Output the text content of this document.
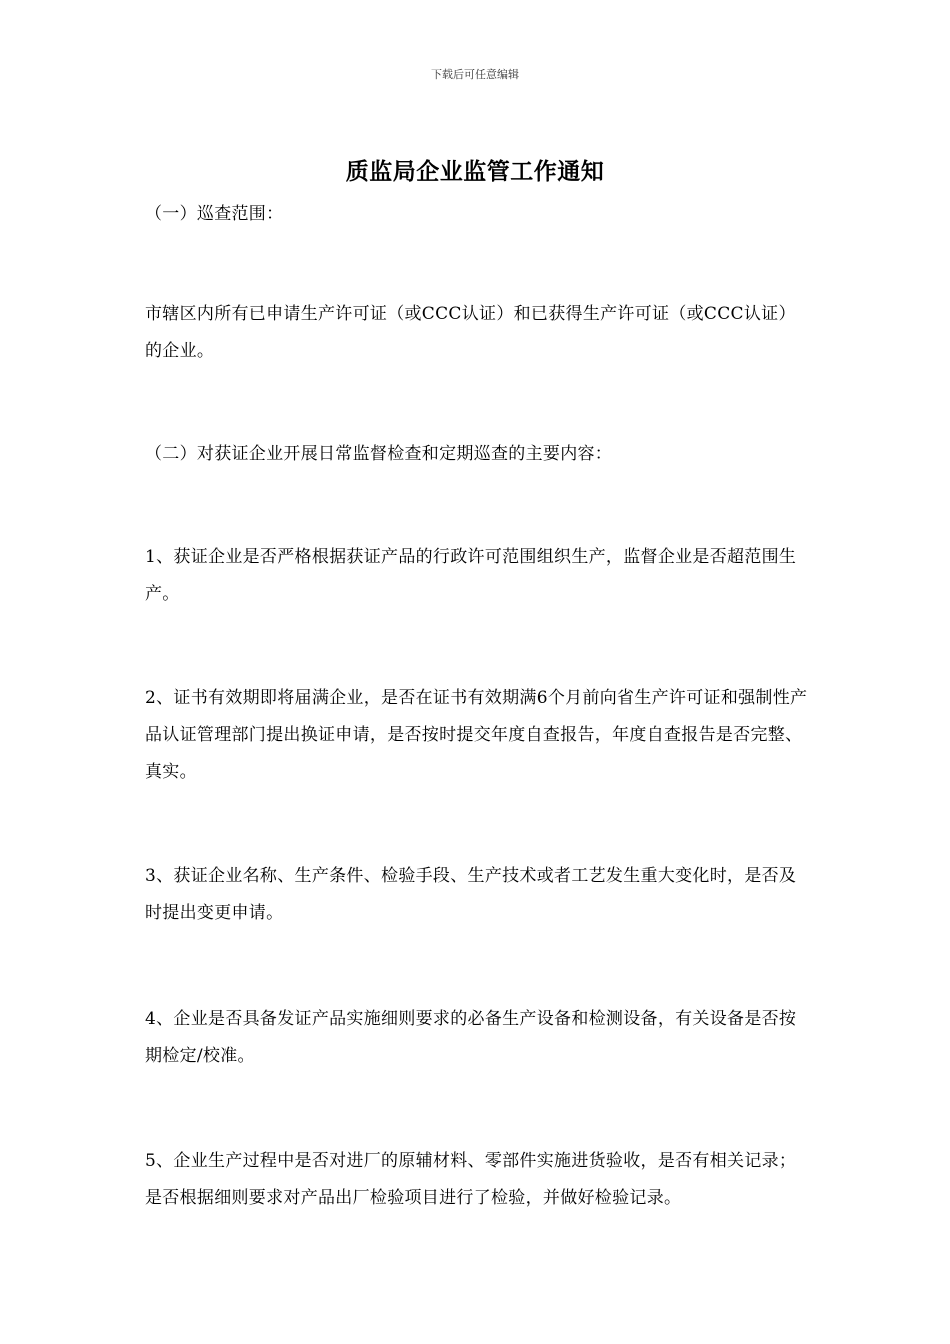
下载后可任意编辑
质监局企业监管工作通知

（一）巡查范围：

市辖区内所有已申请生产许可证（或CCC认证）和已获得生产许可证（或CCC认证）的企业。

（二）对获证企业开展日常监督检查和定期巡查的主要内容：

1、获证企业是否严格根据获证产品的行政许可范围组织生产，监督企业是否超范围生产。

2、证书有效期即将届满企业，是否在证书有效期满6个月前向省生产许可证和强制性产品认证管理部门提出换证申请，是否按时提交年度自查报告，年度自查报告是否完整、真实。

3、获证企业名称、生产条件、检验手段、生产技术或者工艺发生重大变化时，是否及时提出变更申请。

4、企业是否具备发证产品实施细则要求的必备生产设备和检测设备，有关设备是否按期检定/校准。

5、企业生产过程中是否对进厂的原辅材料、零部件实施进货验收，是否有相关记录；是否根据细则要求对产品出厂检验项目进行了检验，并做好检验记录。
